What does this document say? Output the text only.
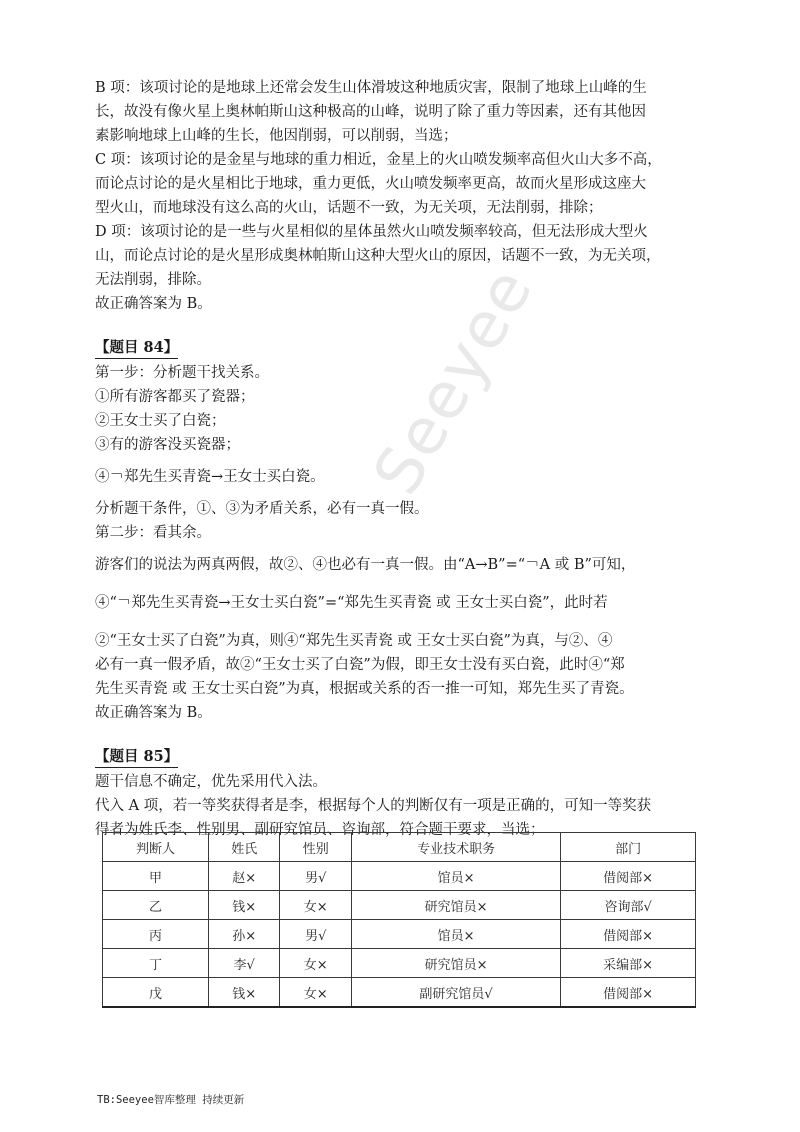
Seeyee

B 项：该项讨论的是地球上还常会发生山体滑坡这种地质灾害，限制了地球上山峰的生

长，故没有像火星上奥林帕斯山这种极高的山峰，说明了除了重力等因素，还有其他因

素影响地球上山峰的生长，他因削弱，可以削弱，当选；

C 项：该项讨论的是金星与地球的重力相近，金星上的火山喷发频率高但火山大多不高，

而论点讨论的是火星相比于地球，重力更低，火山喷发频率更高，故而火星形成这座大

型火山，而地球没有这么高的火山，话题不一致，为无关项，无法削弱，排除；

D 项：该项讨论的是一些与火星相似的星体虽然火山喷发频率较高，但无法形成大型火

山，而论点讨论的是火星形成奥林帕斯山这种大型火山的原因，话题不一致，为无关项，

无法削弱，排除。

故正确答案为 B。

【题目 84】

第一步：分析题干找关系。

①所有游客都买了瓷器；

②王女士买了白瓷；

③有的游客没买瓷器；

④￢郑先生买青瓷→王女士买白瓷。

分析题干条件，①、③为矛盾关系，必有一真一假。

第二步：看其余。

游客们的说法为两真两假，故②、④也必有一真一假。由“A→B”=“￢A 或 B”可知，

④“￢郑先生买青瓷→王女士买白瓷”=“郑先生买青瓷 或 王女士买白瓷”，此时若

②“王女士买了白瓷”为真，则④“郑先生买青瓷 或 王女士买白瓷”为真，与②、④

必有一真一假矛盾，故②“王女士买了白瓷”为假，即王女士没有买白瓷，此时④“郑

先生买青瓷 或 王女士买白瓷”为真，根据或关系的否一推一可知，郑先生买了青瓷。

故正确答案为 B。

【题目 85】

题干信息不确定，优先采用代入法。

代入 A 项，若一等奖获得者是李，根据每个人的判断仅有一项是正确的，可知一等奖获

得者为姓氏李、性别男、副研究馆员、咨询部，符合题干要求，当选；

判断人	姓氏	性别	专业技术职务	部门
甲	赵×	男√	馆员×	借阅部×
乙	钱×	女×	研究馆员×	咨询部√
丙	孙×	男√	馆员×	借阅部×
丁	李√	女×	研究馆员×	采编部×
戊	钱×	女×	副研究馆员√	借阅部×
TB:Seeyee智库整理 持续更新
